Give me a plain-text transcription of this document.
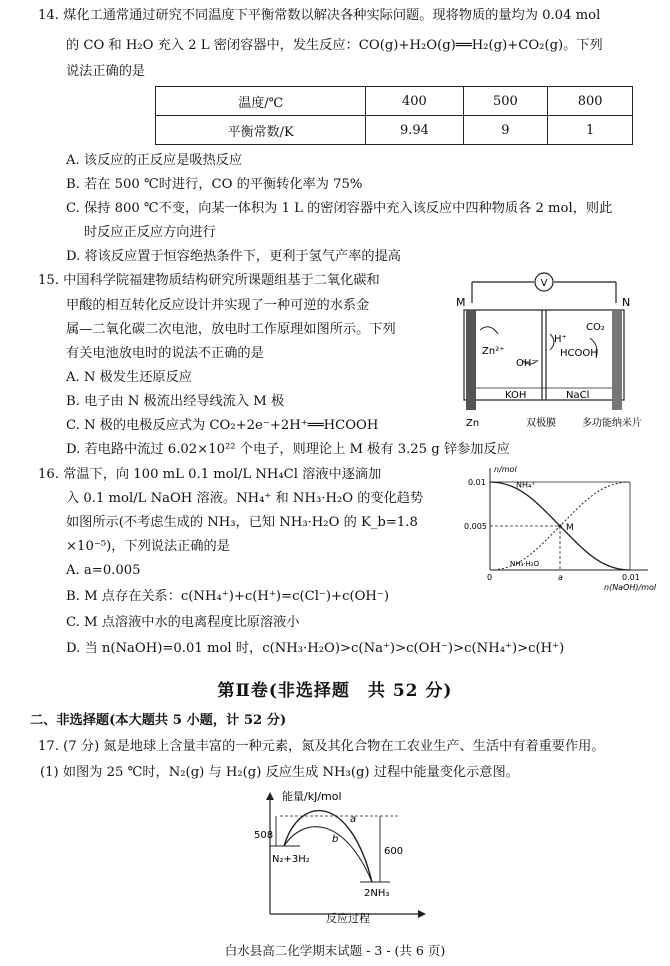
14. 煤化工通常通过研究不同温度下平衡常数以解决各种实际问题。现将物质的量均为 0.04 mol
的 CO 和 H₂O 充入 2 L 密闭容器中，发生反应：CO(g)+H₂O(g)══H₂(g)+CO₂(g)。下列
说法正确的是
温度/℃	400	500	800
平衡常数/K	9.94	9	1
A. 该反应的正反应是吸热反应
B. 若在 500 ℃时进行，CO 的平衡转化率为 75%
C. 保持 800 ℃不变，向某一体积为 1 L 的密闭容器中充入该反应中四种物质各 2 mol，则此
时反应正反应方向进行
D. 将该反应置于恒容绝热条件下，更利于氢气产率的提高
15. 中国科学院福建物质结构研究所课题组基于二氧化碳和
甲酸的相互转化反应设计并实现了一种可逆的水系金
属—二氧化碳二次电池，放电时工作原理如图所示。下列
有关电池放电时的说法不正确的是
A. N 极发生还原反应
B. 电子由 N 极流出经导线流入 M 极
C. N 极的电极反应式为 CO₂+2e⁻+2H⁺══HCOOH
D. 若电路中流过 6.02×10²² 个电子，则理论上 M 极有 3.25 g 锌参加反应
V
M	N
KOH	NaCl
Zn²⁺
OH⁻
H⁺
HCOOH
CO₂
Zn	双极膜	多功能纳米片
16. 常温下，向 100 mL 0.1 mol/L NH₄Cl 溶液中逐滴加
入 0.1 mol/L NaOH 溶液。NH₄⁺ 和 NH₃·H₂O 的变化趋势
如图所示(不考虑生成的 NH₃，已知 NH₃·H₂O 的 K_b=1.8
×10⁻⁵)，下列说法正确的是
A. a=0.005
B. M 点存在关系：c(NH₄⁺)+c(H⁺)=c(Cl⁻)+c(OH⁻)
C. M 点溶液中水的电离程度比原溶液小
D. 当 n(NaOH)=0.01 mol 时，c(NH₃·H₂O)>c(Na⁺)>c(OH⁻)>c(NH₄⁺)>c(H⁺)
n/mol
n(NaOH)/mol
0.01
0.005
0	a	0.01
NH₄⁺
NH₃·H₂O
M
第Ⅱ卷(非选择题　共 52 分)
二、非选择题(本大题共 5 小题，计 52 分)
17. (7 分) 氮是地球上含量丰富的一种元素，氮及其化合物在工农业生产、生活中有着重要作用。
(1) 如图为 25 ℃时，N₂(g) 与 H₂(g) 反应生成 NH₃(g) 过程中能量变化示意图。
能量/kJ/mol
反应过程
a
b
508
600
N₂+3H₂
2NH₃
白水县高二化学期末试题 - 3 - (共 6 页)
